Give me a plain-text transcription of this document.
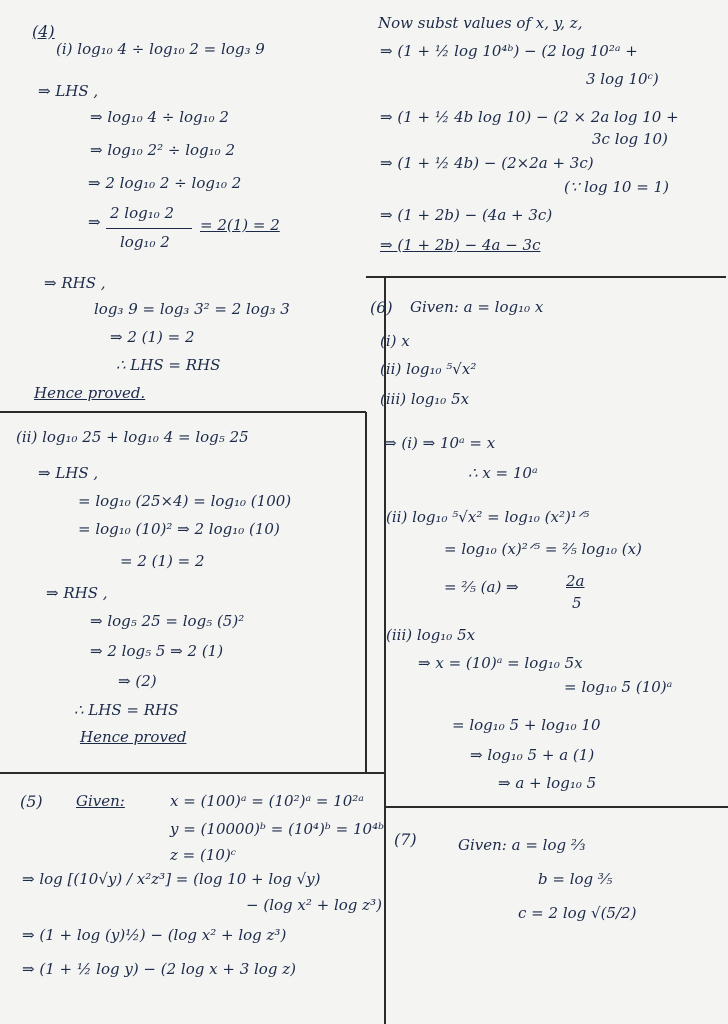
(4)
(i) log₁₀ 4 ÷ log₁₀ 2 = log₃ 9
⇒ LHS ,
⇒ log₁₀ 4 ÷ log₁₀ 2
⇒ log₁₀ 2² ÷ log₁₀ 2
⇒ 2 log₁₀ 2 ÷ log₁₀ 2
⇒ 2 log₁₀ 2
log₁₀ 2
= 2(1) = 2
⇒ RHS ,
log₃ 9 = log₃ 3² = 2 log₃ 3
⇒ 2 (1) = 2
∴ LHS = RHS
Hence proved.
(ii) log₁₀ 25 + log₁₀ 4 = log₅ 25
⇒ LHS ,
= log₁₀ (25×4) = log₁₀ (100)
= log₁₀ (10)² ⇒ 2 log₁₀ (10)
= 2 (1) = 2
⇒ RHS ,
⇒ log₅ 25 = log₅ (5)²
⇒ 2 log₅ 5 ⇒ 2 (1)
⇒ (2)
∴ LHS = RHS
Hence proved
(5) Given:	x = (100)ᵃ = (10²)ᵃ = 10²ᵃ
y = (10000)ᵇ = (10⁴)ᵇ = 10⁴ᵇ
z = (10)ᶜ
⇒ log [(10√y) / x²z³] = (log 10 + log √y)
− (log x² + log z³)
⇒ (1 + log (y)½) − (log x² + log z³)
⇒ (1 + ½ log y) − (2 log x + 3 log z)
Now subst values of x, y, z,
⇒ (1 + ½ log 10⁴ᵇ) − (2 log 10²ᵃ +
3 log 10ᶜ)
⇒ (1 + ½ 4b log 10) − (2 × 2a log 10 +
3c log 10)
⇒ (1 + ½ 4b) − (2×2a + 3c)
(∵ log 10 = 1)
⇒ (1 + 2b) − (4a + 3c)
⇒ (1 + 2b) − 4a − 3c
(6) Given: a = log₁₀ x
(i) x
(ii) log₁₀ ⁵√x²
(iii) log₁₀ 5x
⇒ (i) ⇒ 10ᵃ = x
∴ x = 10ᵃ
(ii) log₁₀ ⁵√x² = log₁₀ (x²)¹ᐟ⁵
= log₁₀ (x)²ᐟ⁵ = ⅖ log₁₀ (x)
= ⅖ (a) ⇒	2a
5
(iii) log₁₀ 5x
⇒ x = (10)ᵃ = log₁₀ 5x
= log₁₀ 5 (10)ᵃ
= log₁₀ 5 + log₁₀ 10
⇒ log₁₀ 5 + a (1)
⇒ a + log₁₀ 5
(7)	Given: a = log ⅔
b = log ³⁄₅
c = 2 log √(5/2)
